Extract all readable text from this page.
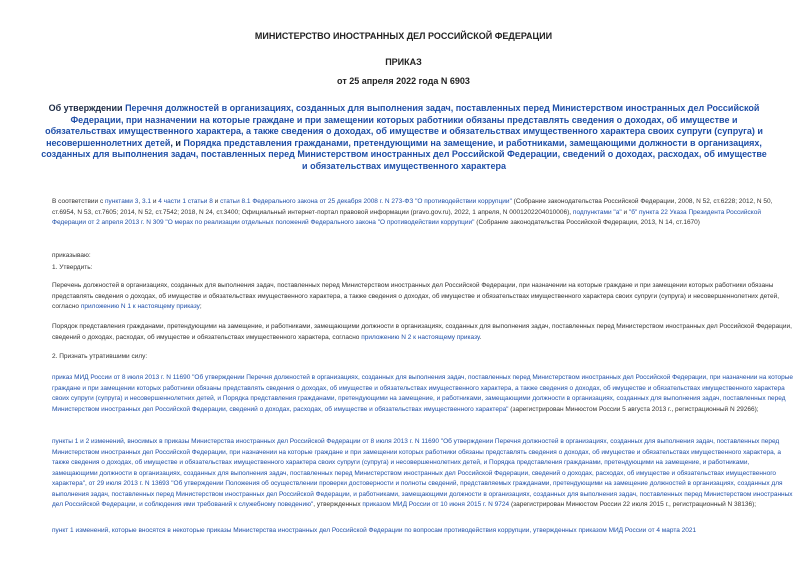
МИНИСТЕРСТВО ИНОСТРАННЫХ ДЕЛ РОССИЙСКОЙ ФЕДЕРАЦИИ
ПРИКАЗ
от 25 апреля 2022 года N 6903
Об утверждении Перечня должностей в организациях, созданных для выполнения задач, поставленных перед Министерством иностранных дел Российской Федерации, при назначении на которые граждане и при замещении которых работники обязаны представлять сведения о доходах, об имуществе и обязательствах имущественного характера, а также сведения о доходах, об имуществе и обязательствах имущественного характера своих супруги (супруга) и несовершеннолетних детей, и Порядка представления гражданами, претендующими на замещение, и работниками, замещающими должности в организациях, созданных для выполнения задач, поставленных перед Министерством иностранных дел Российской Федерации, сведений о доходах, расходах, об имуществе и обязательствах имущественного характера
В соответствии с пунктами 3, 3.1 и 4 части 1 статьи 8 и статьи 8.1 Федерального закона от 25 декабря 2008 г. N 273-ФЗ "О противодействии коррупции" (Собрание законодательства Российской Федерации, 2008, N 52, ст.6228; 2012, N 50, ст.6954, N 53, ст.7605; 2014, N 52, ст.7542; 2018, N 24, ст.3400; Официальный интернет-портал правовой информации (pravo.gov.ru), 2022, 1 апреля, N 0001202204010006), подпунктами "а" и "б" пункта 22 Указа Президента Российской Федерации от 2 апреля 2013 г. N 309 "О мерах по реализации отдельных положений Федерального закона "О противодействии коррупции" (Собрание законодательства Российской Федерации, 2013, N 14, ст.1670)
приказываю:
1. Утвердить:
Перечень должностей в организациях, созданных для выполнения задач, поставленных перед Министерством иностранных дел Российской Федерации, при назначении на которые граждане и при замещении которых работники обязаны представлять сведения о доходах, об имуществе и обязательствах имущественного характера, а также сведения о доходах, об имуществе и обязательствах имущественного характера своих супруги (супруга) и несовершеннолетних детей, согласно приложению N 1 к настоящему приказу;
Порядок представления гражданами, претендующими на замещение, и работниками, замещающими должности в организациях, созданных для выполнения задач, поставленных перед Министерством иностранных дел Российской Федерации, сведений о доходах, расходах, об имуществе и обязательствах имущественного характера, согласно приложению N 2 к настоящему приказу.
2. Признать утратившими силу:
приказ МИД России от 8 июля 2013 г. N 11690 "Об утверждении Перечня должностей в организациях, созданных для выполнения задач, поставленных перед Министерством иностранных дел Российской Федерации, при назначении на которые граждане и при замещении которых работники обязаны представлять сведения о доходах, об имуществе и обязательствах имущественного характера, а также сведения о доходах, об имуществе и обязательствах имущественного характера своих супруги (супруга) и несовершеннолетних детей, и Порядка представления гражданами, претендующими на замещение, и работниками, замещающими должности в организациях, созданных для выполнения задач, поставленных перед Министерством иностранных дел Российской Федерации, сведений о доходах, расходах, об имуществе и обязательствах имущественного характера" (зарегистрирован Минюстом России 5 августа 2013 г., регистрационный N 29266);
пункты 1 и 2 изменений, вносимых в приказы Министерства иностранных дел Российской Федерации от 8 июля 2013 г. N 11690 "Об утверждении Перечня должностей в организациях, созданных для выполнения задач, поставленных перед Министерством иностранных дел Российской Федерации, при назначении на которые граждане и при замещении которых работники обязаны представлять сведения о доходах, об имуществе и обязательствах имущественного характера, а также сведения о доходах, об имуществе и обязательствах имущественного характера своих супруги (супруга) и несовершеннолетних детей, и Порядка представления гражданами, претендующими на замещение, и работниками, замещающими должности в организациях, созданных для выполнения задач, поставленных перед Министерством иностранных дел Российской Федерации, сведений о доходах, расходах, об имуществе и обязательствах имущественного характера", от 29 июля 2013 г. N 13693 "Об утверждении Положения об осуществлении проверки достоверности и полноты сведений, представляемых гражданами, претендующими на замещение должностей в организациях, созданных для выполнения задач, поставленных перед Министерством иностранных дел Российской Федерации, и работниками, замещающими должности в организациях, созданных для выполнения задач, поставленных перед Министерством иностранных дел Российской Федерации, и соблюдения ими требований к служебному поведению", утвержденных приказом МИД России от 10 июня 2015 г. N 9724 (зарегистрирован Минюстом России 22 июля 2015 г., регистрационный N 38136);
пункт 1 изменений, которые вносятся в некоторые приказы Министерства иностранных дел Российской Федерации по вопросам противодействия коррупции, утвержденных приказом МИД России от 4 марта 2021
